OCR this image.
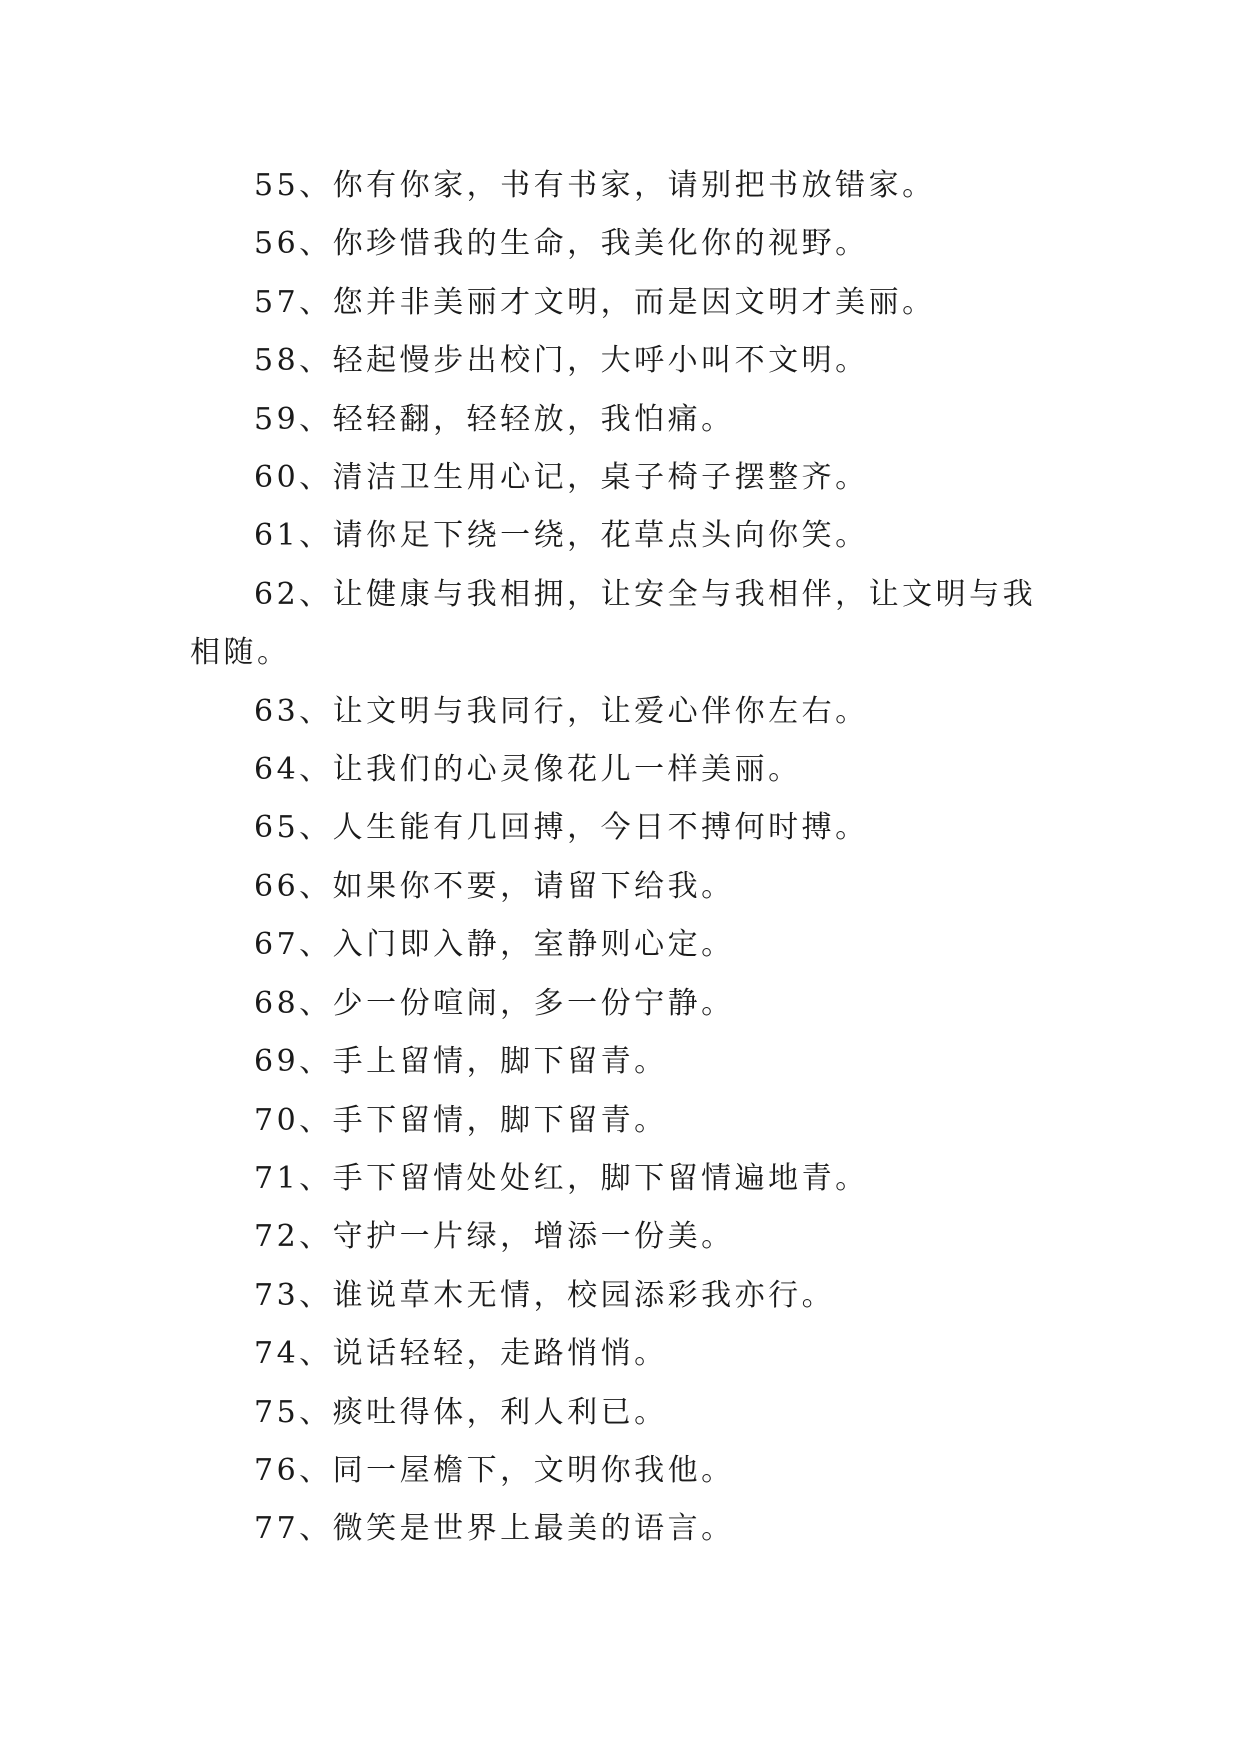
55、你有你家，书有书家，请别把书放错家。

56、你珍惜我的生命，我美化你的视野。

57、您并非美丽才文明，而是因文明才美丽。

58、轻起慢步出校门，大呼小叫不文明。

59、轻轻翻，轻轻放，我怕痛。

60、清洁卫生用心记，桌子椅子摆整齐。

61、请你足下绕一绕，花草点头向你笑。

62、让健康与我相拥，让安全与我相伴，让文明与我相随。

63、让文明与我同行，让爱心伴你左右。

64、让我们的心灵像花儿一样美丽。

65、人生能有几回搏，今日不搏何时搏。

66、如果你不要，请留下给我。

67、入门即入静，室静则心定。

68、少一份喧闹，多一份宁静。

69、手上留情，脚下留青。

70、手下留情，脚下留青。

71、手下留情处处红，脚下留情遍地青。

72、守护一片绿，增添一份美。

73、谁说草木无情，校园添彩我亦行。

74、说话轻轻，走路悄悄。

75、痰吐得体，利人利已。

76、同一屋檐下，文明你我他。

77、微笑是世界上最美的语言。
